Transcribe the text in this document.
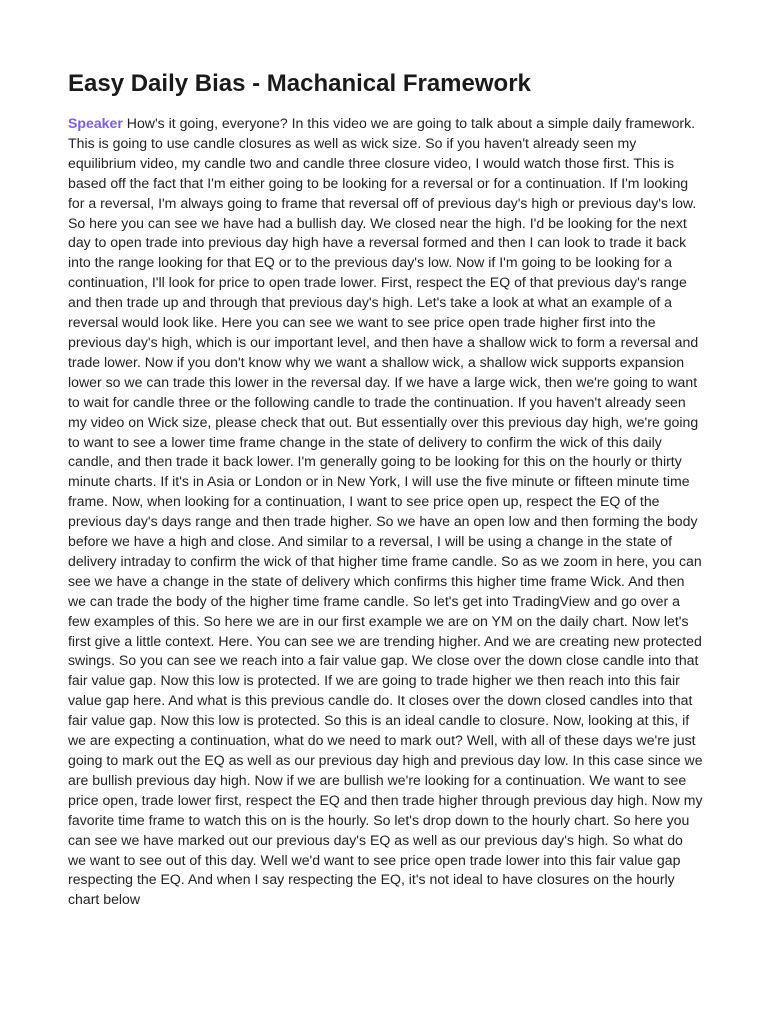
Easy Daily Bias - Machanical Framework

Speaker How's it going, everyone? In this video we are going to talk about a simple daily framework. This is going to use candle closures as well as wick size. So if you haven't already seen my equilibrium video, my candle two and candle three closure video, I would watch those first. This is based off the fact that I'm either going to be looking for a reversal or for a continuation. If I'm looking for a reversal, I'm always going to frame that reversal off of previous day's high or previous day's low. So here you can see we have had a bullish day. We closed near the high. I'd be looking for the next day to open trade into previous day high have a reversal formed and then I can look to trade it back into the range looking for that EQ or to the previous day's low. Now if I'm going to be looking for a continuation, I'll look for price to open trade lower. First, respect the EQ of that previous day's range and then trade up and through that previous day's high. Let's take a look at what an example of a reversal would look like. Here you can see we want to see price open trade higher first into the previous day's high, which is our important level, and then have a shallow wick to form a reversal and trade lower. Now if you don't know why we want a shallow wick, a shallow wick supports expansion lower so we can trade this lower in the reversal day. If we have a large wick, then we're going to want to wait for candle three or the following candle to trade the continuation. If you haven't already seen my video on Wick size, please check that out. But essentially over this previous day high, we're going to want to see a lower time frame change in the state of delivery to confirm the wick of this daily candle, and then trade it back lower. I'm generally going to be looking for this on the hourly or thirty minute charts. If it's in Asia or London or in New York, I will use the five minute or fifteen minute time frame. Now, when looking for a continuation, I want to see price open up, respect the EQ of the previous day's days range and then trade higher. So we have an open low and then forming the body before we have a high and close. And similar to a reversal, I will be using a change in the state of delivery intraday to confirm the wick of that higher time frame candle. So as we zoom in here, you can see we have a change in the state of delivery which confirms this higher time frame Wick. And then we can trade the body of the higher time frame candle. So let's get into TradingView and go over a few examples of this. So here we are in our first example we are on YM on the daily chart. Now let's first give a little context. Here. You can see we are trending higher. And we are creating new protected swings. So you can see we reach into a fair value gap. We close over the down close candle into that fair value gap. Now this low is protected. If we are going to trade higher we then reach into this fair value gap here. And what is this previous candle do. It closes over the down closed candles into that fair value gap. Now this low is protected. So this is an ideal candle to closure. Now, looking at this, if we are expecting a continuation, what do we need to mark out? Well, with all of these days we're just going to mark out the EQ as well as our previous day high and previous day low. In this case since we are bullish previous day high. Now if we are bullish we're looking for a continuation. We want to see price open, trade lower first, respect the EQ and then trade higher through previous day high. Now my favorite time frame to watch this on is the hourly. So let's drop down to the hourly chart. So here you can see we have marked out our previous day's EQ as well as our previous day's high. So what do we want to see out of this day. Well we'd want to see price open trade lower into this fair value gap respecting the EQ. And when I say respecting the EQ, it's not ideal to have closures on the hourly chart below
